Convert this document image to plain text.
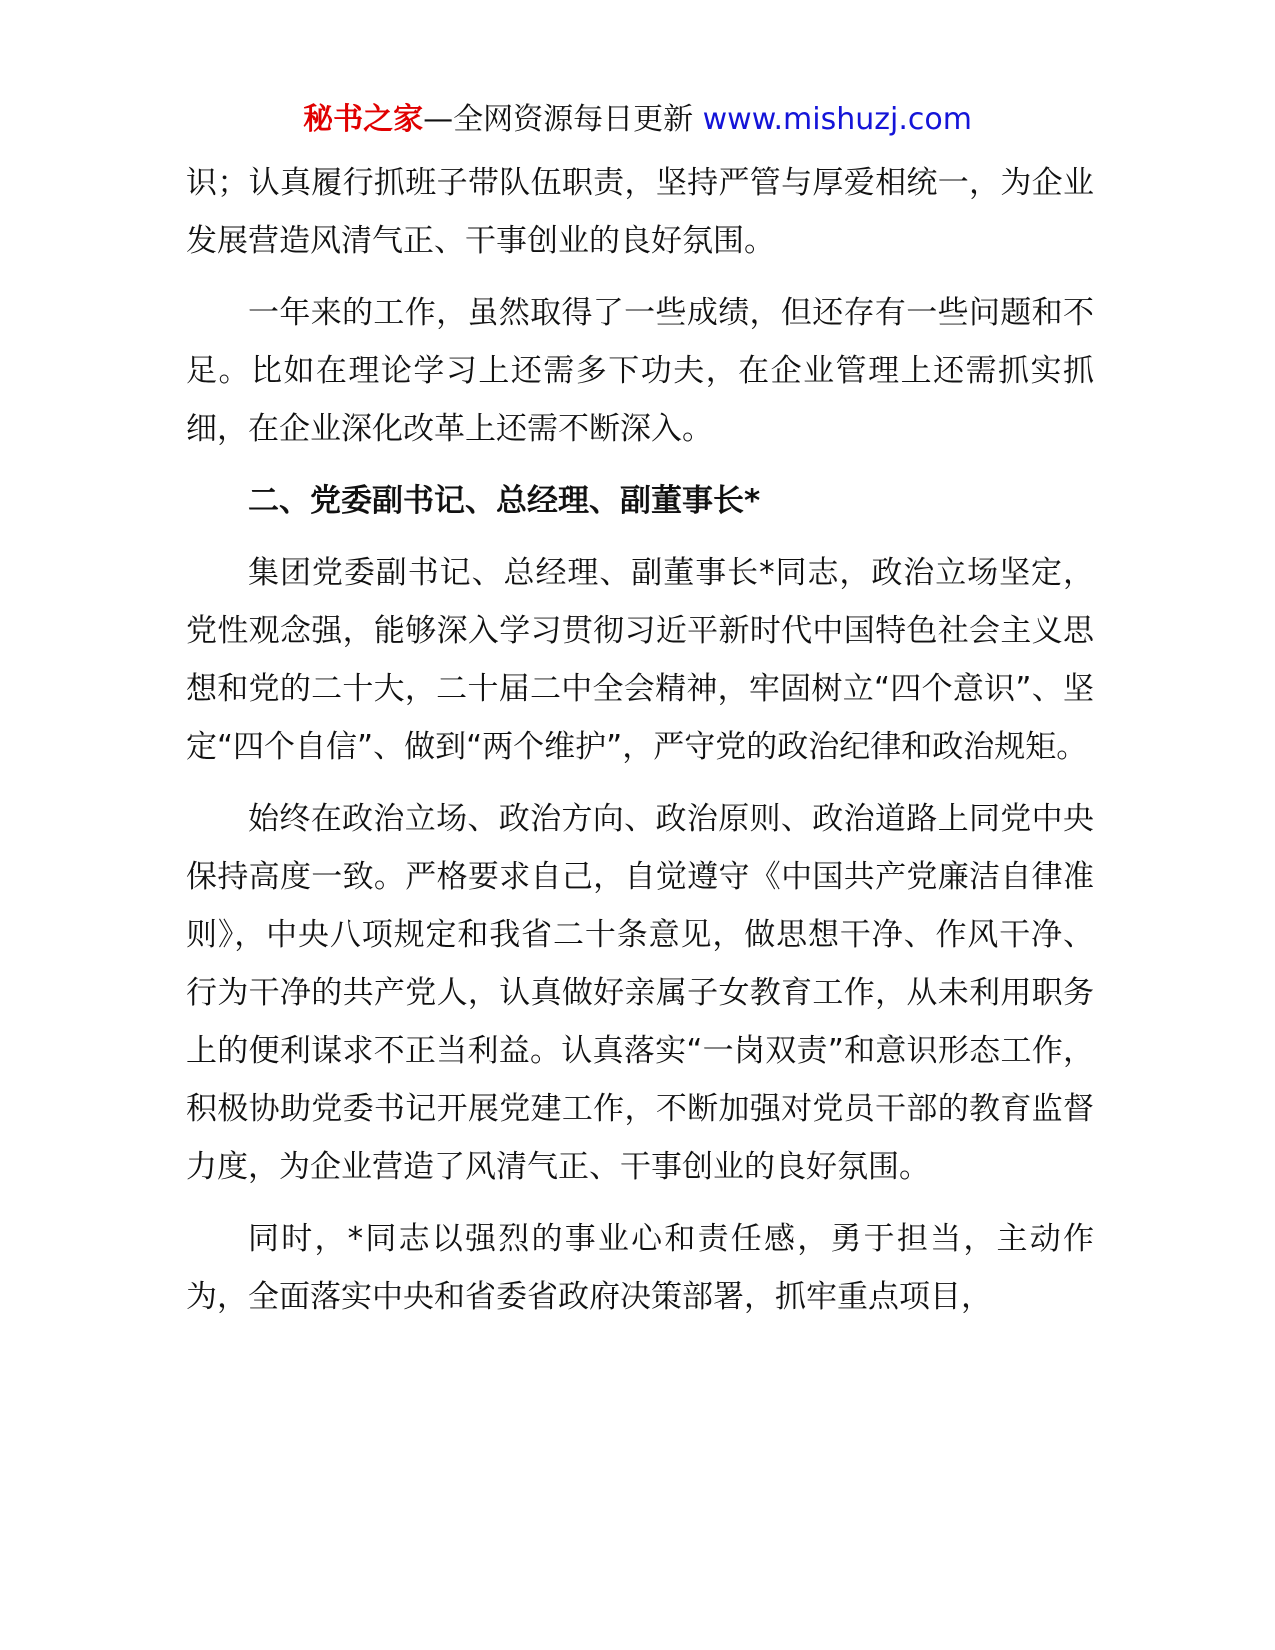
秘书之家—全网资源每日更新 www.mishuzj.com

识；认真履行抓班子带队伍职责，坚持严管与厚爱相统一，为企业发展营造风清气正、干事创业的良好氛围。

一年来的工作，虽然取得了一些成绩，但还存有一些问题和不足。比如在理论学习上还需多下功夫，在企业管理上还需抓实抓细，在企业深化改革上还需不断深入。

二、党委副书记、总经理、副董事长*

集团党委副书记、总经理、副董事长*同志，政治立场坚定，党性观念强，能够深入学习贯彻习近平新时代中国特色社会主义思想和党的二十大，二十届二中全会精神，牢固树立“四个意识”、坚定“四个自信”、做到“两个维护”，严守党的政治纪律和政治规矩。

始终在政治立场、政治方向、政治原则、政治道路上同党中央保持高度一致。严格要求自己，自觉遵守《中国共产党廉洁自律准则》，中央八项规定和我省二十条意见，做思想干净、作风干净、行为干净的共产党人，认真做好亲属子女教育工作，从未利用职务上的便利谋求不正当利益。认真落实“一岗双责”和意识形态工作，积极协助党委书记开展党建工作，不断加强对党员干部的教育监督力度，为企业营造了风清气正、干事创业的良好氛围。

同时，*同志以强烈的事业心和责任感，勇于担当，主动作为，全面落实中央和省委省政府决策部署，抓牢重点项目，
